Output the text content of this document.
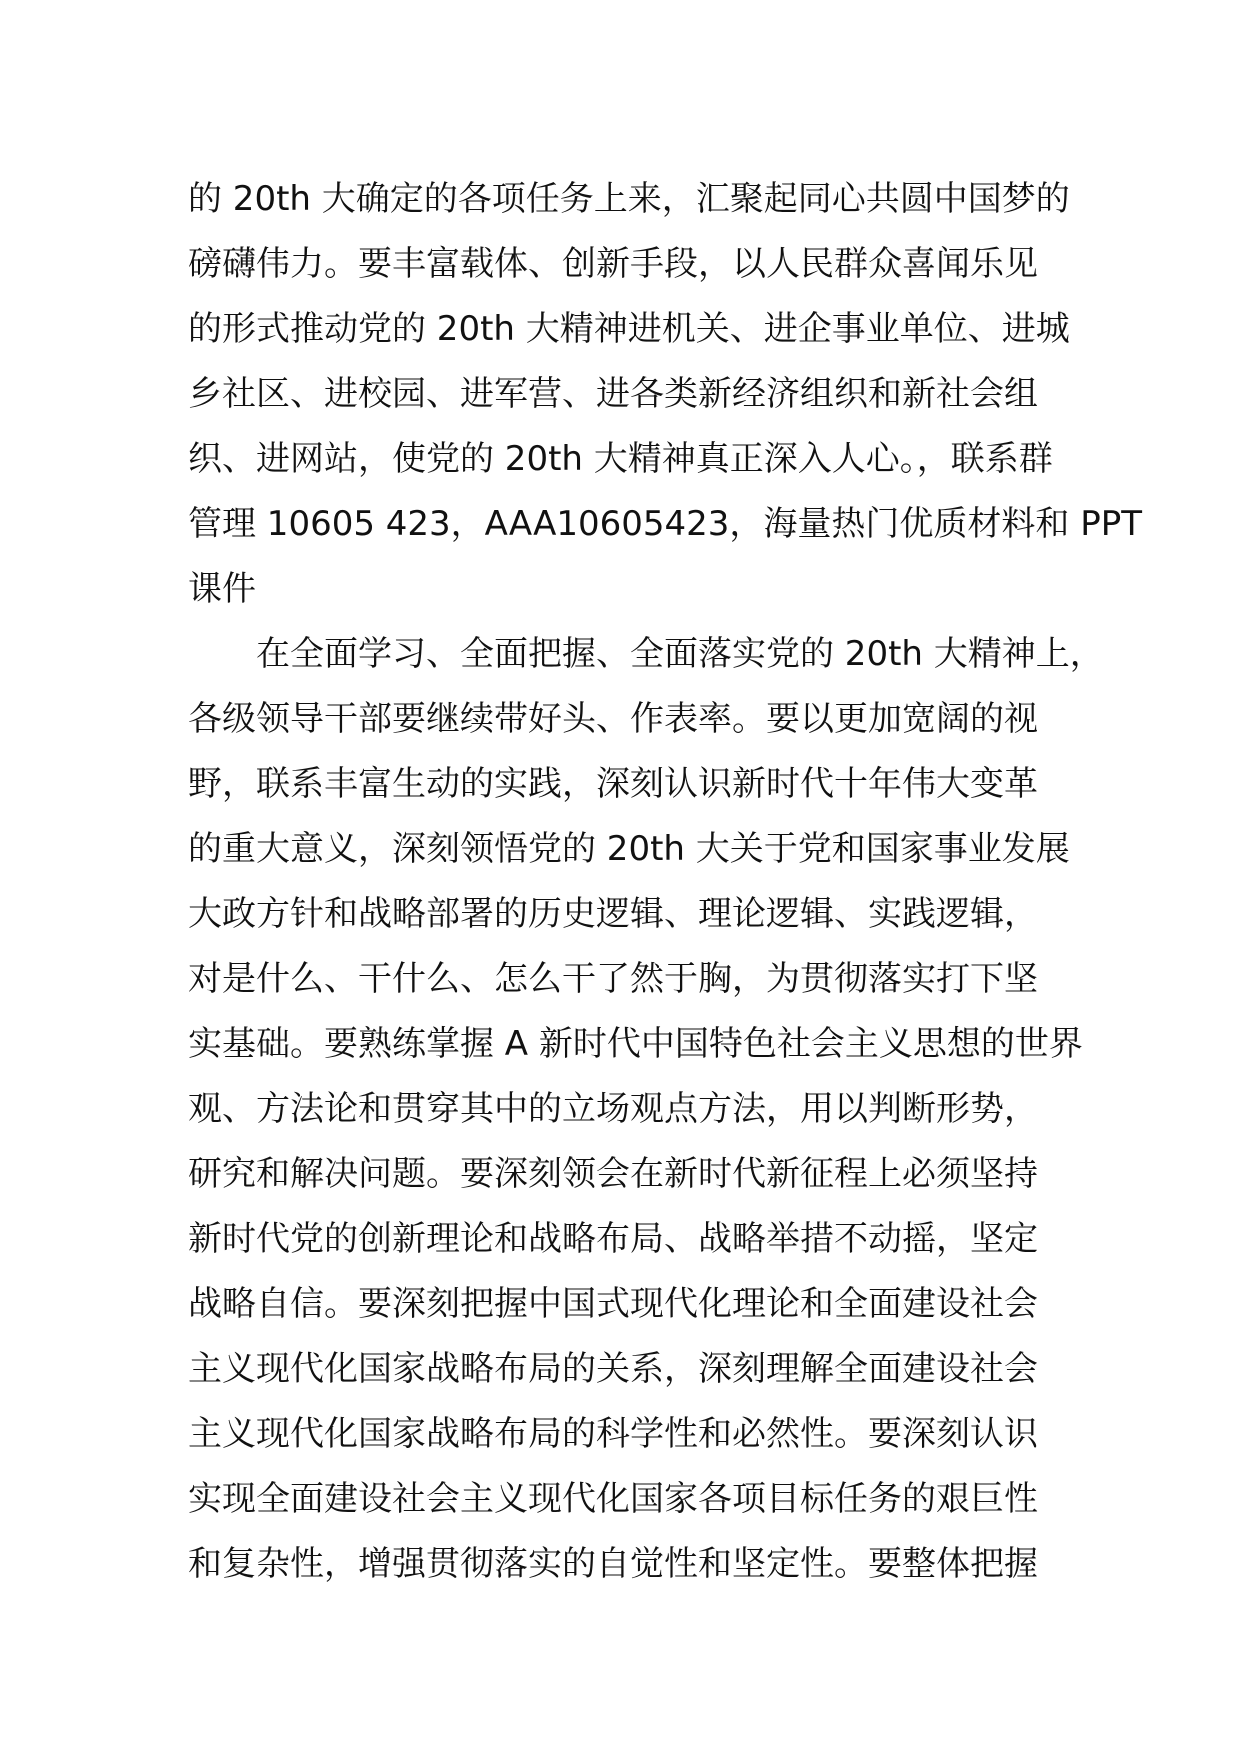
的 20th 大确定的各项任务上来，汇聚起同心共圆中国梦的
磅礴伟力。要丰富载体、创新手段，以人民群众喜闻乐见
的形式推动党的 20th 大精神进机关、进企事业单位、进城
乡社区、进校园、进军营、进各类新经济组织和新社会组
织、进网站，使党的 20th 大精神真正深入人心。，联系群
管理 10605 423，AAA10605423，海量热门优质材料和 PPT
课件
在全面学习、全面把握、全面落实党的 20th 大精神上，
各级领导干部要继续带好头、作表率。要以更加宽阔的视
野，联系丰富生动的实践，深刻认识新时代十年伟大变革
的重大意义，深刻领悟党的 20th 大关于党和国家事业发展
大政方针和战略部署的历史逻辑、理论逻辑、实践逻辑，
对是什么、干什么、怎么干了然于胸，为贯彻落实打下坚
实基础。要熟练掌握 A 新时代中国特色社会主义思想的世界
观、方法论和贯穿其中的立场观点方法，用以判断形势，
研究和解决问题。要深刻领会在新时代新征程上必须坚持
新时代党的创新理论和战略布局、战略举措不动摇，坚定
战略自信。要深刻把握中国式现代化理论和全面建设社会
主义现代化国家战略布局的关系，深刻理解全面建设社会
主义现代化国家战略布局的科学性和必然性。要深刻认识
实现全面建设社会主义现代化国家各项目标任务的艰巨性
和复杂性，增强贯彻落实的自觉性和坚定性。要整体把握
